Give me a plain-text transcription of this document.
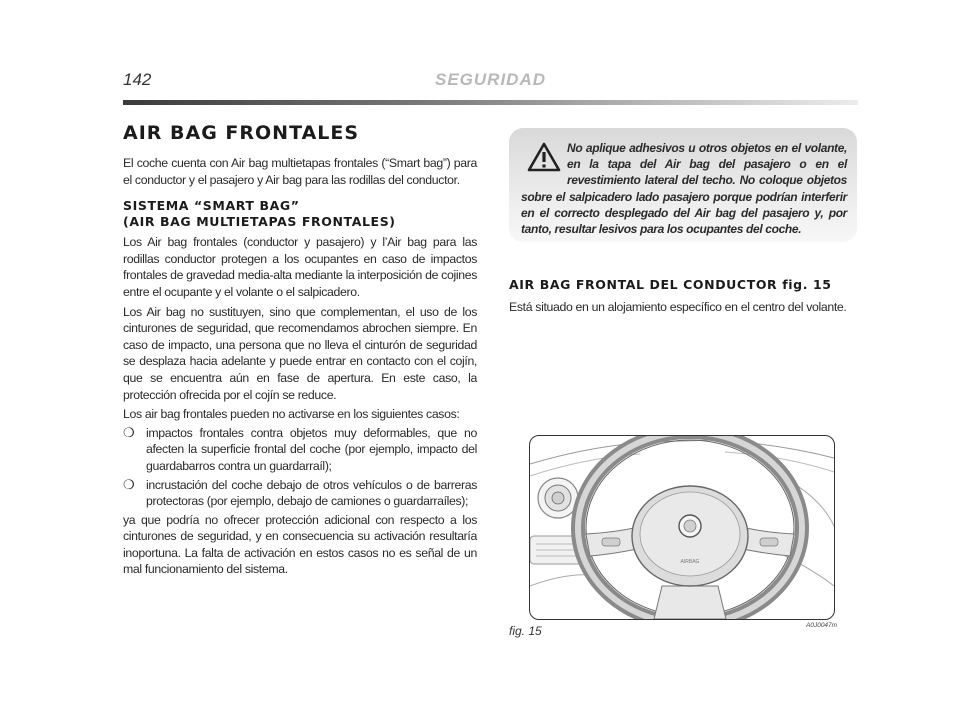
142	SEGURIDAD
AIR BAG FRONTALES

El coche cuenta con Air bag multietapas frontales (“Smart bag”) para el conductor y el pasajero y Air bag para las rodillas del conductor.

SISTEMA “SMART BAG”
(AIR BAG MULTIETAPAS FRONTALES)

Los Air bag frontales (conductor y pasajero) y l’Air bag para las rodillas conductor protegen a los ocupantes en caso de impactos frontales de gravedad media-alta mediante la interposición de cojines entre el ocupante y el volante o el salpicadero.

Los Air bag no sustituyen, sino que complementan, el uso de los cinturones de seguridad, que recomendamos abrochen siempre. En caso de impacto, una persona que no lleva el cinturón de seguridad se desplaza hacia adelante y puede entrar en contacto con el cojín, que se encuentra aún en fase de apertura. En este caso, la protección ofrecida por el cojín se reduce.

Los air bag frontales pueden no activarse en los siguientes casos:

❍ impactos frontales contra objetos muy deformables, que no afecten la superficie frontal del coche (por ejemplo, impacto del guardabarros contra un guardarraíl);
❍ incrustación del coche debajo de otros vehículos o de barreras protectoras (por ejemplo, debajo de camiones o guardarraíles);

ya que podría no ofrecer protección adicional con respecto a los cinturones de seguridad, y en consecuencia su activación resultaría inoportuna. La falta de activación en estos casos no es señal de un mal funcionamiento del sistema.

No aplique adhesivos u otros objetos en el volante, en la tapa del Air bag del pasajero o en el revestimiento lateral del techo. No coloque objetos sobre el salpicadero lado pasajero porque podrían interferir en el correcto desplegado del Air bag del pasajero y, por tanto, resultar lesivos para los ocupantes del coche.
AIR BAG FRONTAL DEL CONDUCTOR fig. 15
Está situado en un alojamiento específico en el centro del volante.
AIRBAG
fig. 15	A0J0047m
